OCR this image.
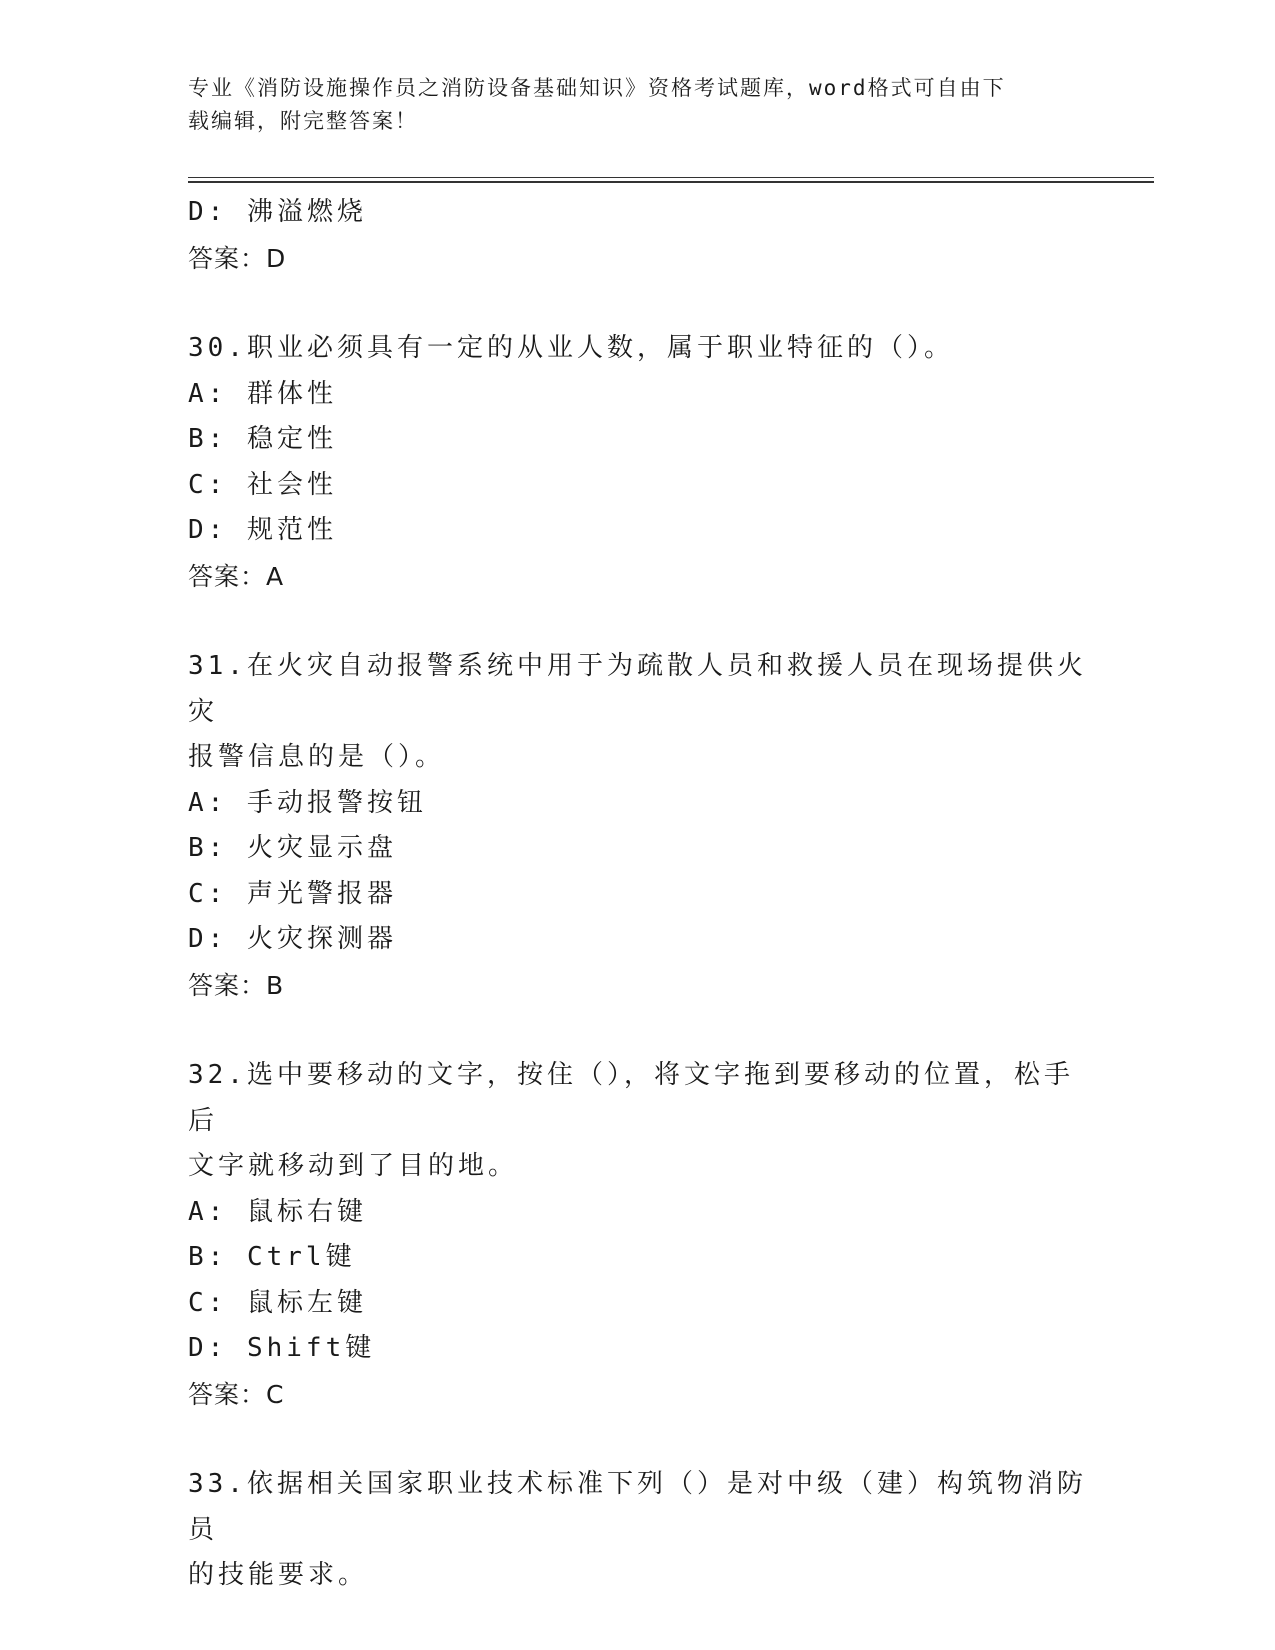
专业《消防设施操作员之消防设备基础知识》资格考试题库，word格式可自由下
载编辑，附完整答案！
D: 沸溢燃烧
答案：D
30.职业必须具有一定的从业人数，属于职业特征的（）。
A: 群体性
B: 稳定性
C: 社会性
D: 规范性
答案：A
31.在火灾自动报警系统中用于为疏散人员和救援人员在现场提供火灾
报警信息的是（）。
A: 手动报警按钮
B: 火灾显示盘
C: 声光警报器
D: 火灾探测器
答案：B
32.选中要移动的文字，按住（），将文字拖到要移动的位置，松手后
文字就移动到了目的地。
A: 鼠标右键
B: Ctrl键
C: 鼠标左键
D: Shift键
答案：C
33.依据相关国家职业技术标准下列（）是对中级（建）构筑物消防员
的技能要求。
